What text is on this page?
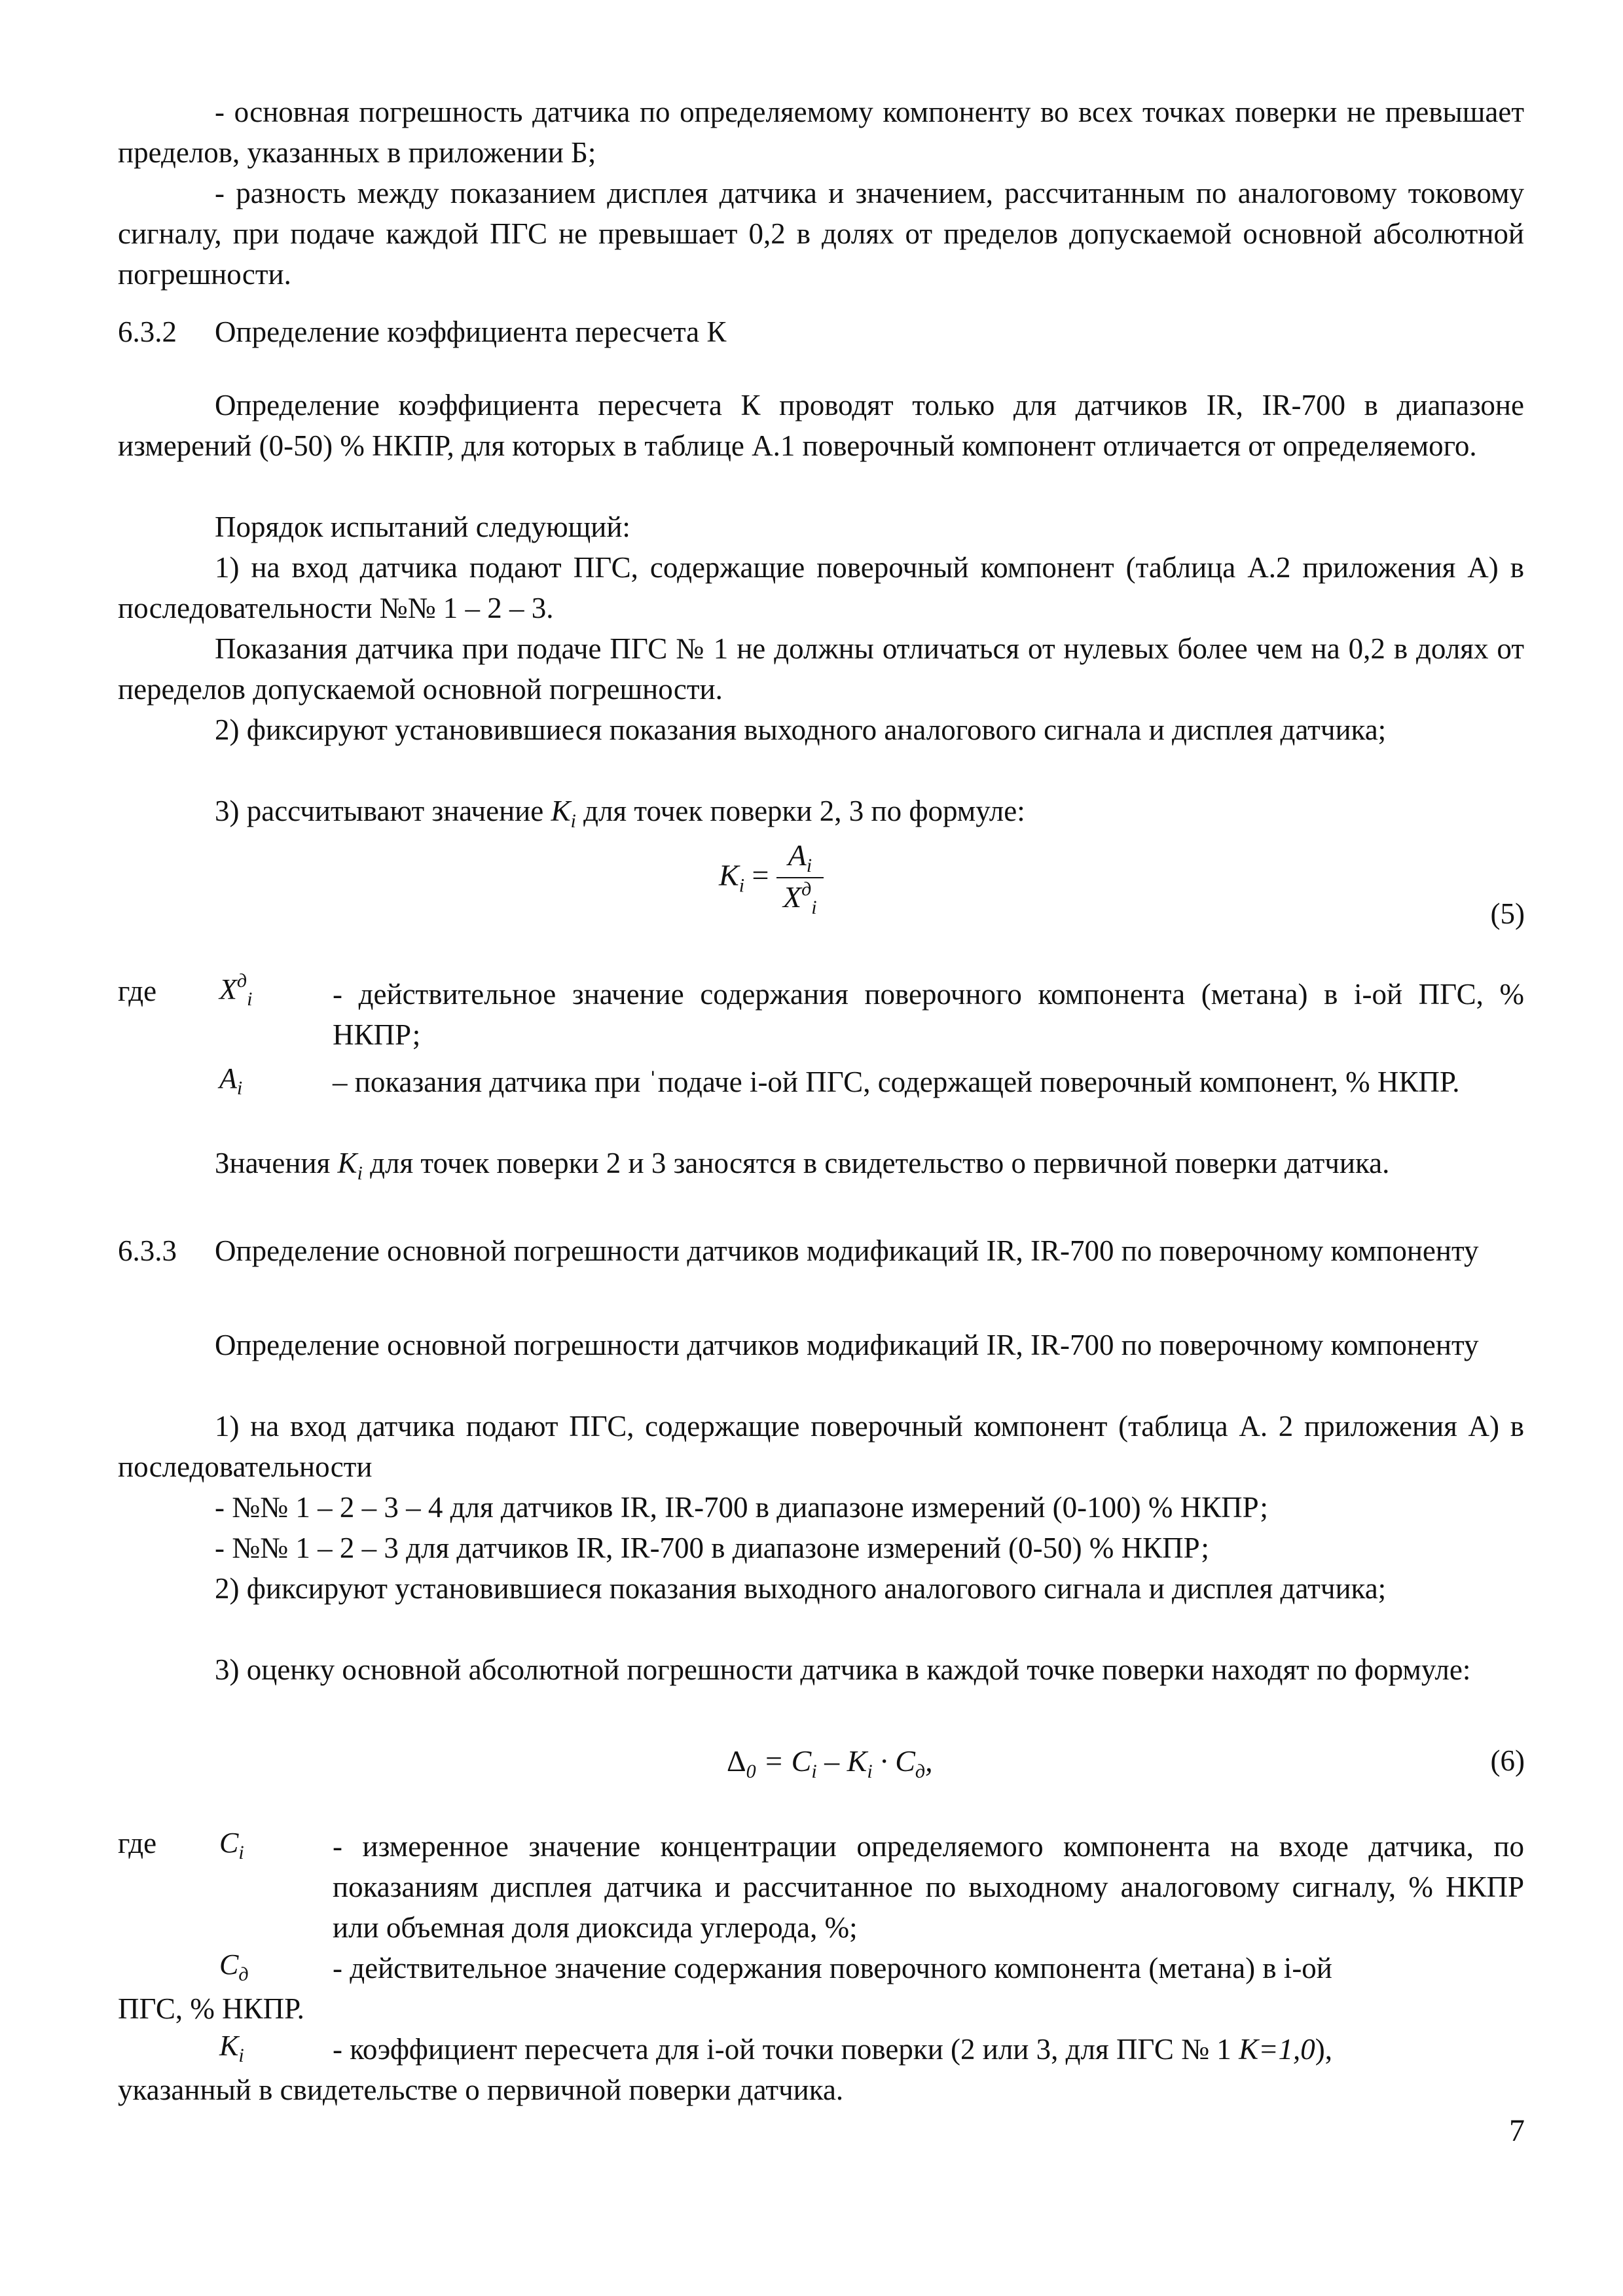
- основная погрешность датчика по определяемому компоненту во всех точках поверки не превышает пределов, указанных в приложении Б;

- разность между показанием дисплея датчика и значением, рассчитанным по аналоговому токовому сигналу, при подаче каждой ПГС не превышает 0,2 в долях от пределов допускаемой основной абсолютной погрешности.

6.3.2	Определение коэффициента пересчета К

Определение коэффициента пересчета К проводят только для датчиков IR, IR-700 в диапазоне измерений (0-50) % НКПР, для которых в таблице А.1 поверочный компонент отличается от определяемого.

Порядок испытаний следующий:

1) на вход датчика подают ПГС, содержащие поверочный компонент (таблица А.2 приложения А) в последовательности №№ 1 – 2 – 3.

Показания датчика при подаче ПГС № 1 не должны отличаться от нулевых более чем на 0,2 в долях от переделов допускаемой основной погрешности.

2) фиксируют установившиеся показания выходного аналогового сигнала и дисплея датчика;

3) рассчитывают значение $K_i$ для точек поверки 2, 3 по формуле:

$K_i = \frac{A_i}{X^д_i}$	(5)
где $X^д_i$	- действительное значение содержания поверочного компонента (метана) в i-ой ПГС, % НКПР;
$A_i$	– показания датчика при ˈподаче i-ой ПГС, содержащей поверочный компонент, % НКПР.

Значения $K_i$ для точек поверки 2 и 3 заносятся в свидетельство о первичной поверки датчика.

6.3.3	Определение основной погрешности датчиков модификаций IR, IR-700 по поверочному компоненту

Определение основной погрешности датчиков модификаций IR, IR-700 по поверочному компоненту

1) на вход датчика подают ПГС, содержащие поверочный компонент (таблица А. 2 приложения А) в последовательности

- №№ 1 – 2 – 3 – 4 для датчиков IR, IR-700 в диапазоне измерений (0-100) % НКПР;

- №№ 1 – 2 – 3 для датчиков IR, IR-700 в диапазоне измерений (0-50) % НКПР;

2) фиксируют установившиеся показания выходного аналогового сигнала и дисплея датчика;

3) оценку основной абсолютной погрешности датчика в каждой точке поверки находят по формуле:

$\Delta_0 = C_i - K_i \cdot C_д$,	(6)
где $C_i$	- измеренное значение концентрации определяемого компонента на входе датчика, по показаниям дисплея датчика и рассчитанное по выходному аналоговому сигналу, % НКПР или объемная доля диоксида углерода, %;
$C_д$	- действительное значение содержания поверочного компонента (метана) в i-ой
ПГС, % НКПР.
$K_i$	- коэффициент пересчета для i-ой точки поверки (2 или 3, для ПГС № 1 K=1,0),
указанный в свидетельстве о первичной поверки датчика.
7
